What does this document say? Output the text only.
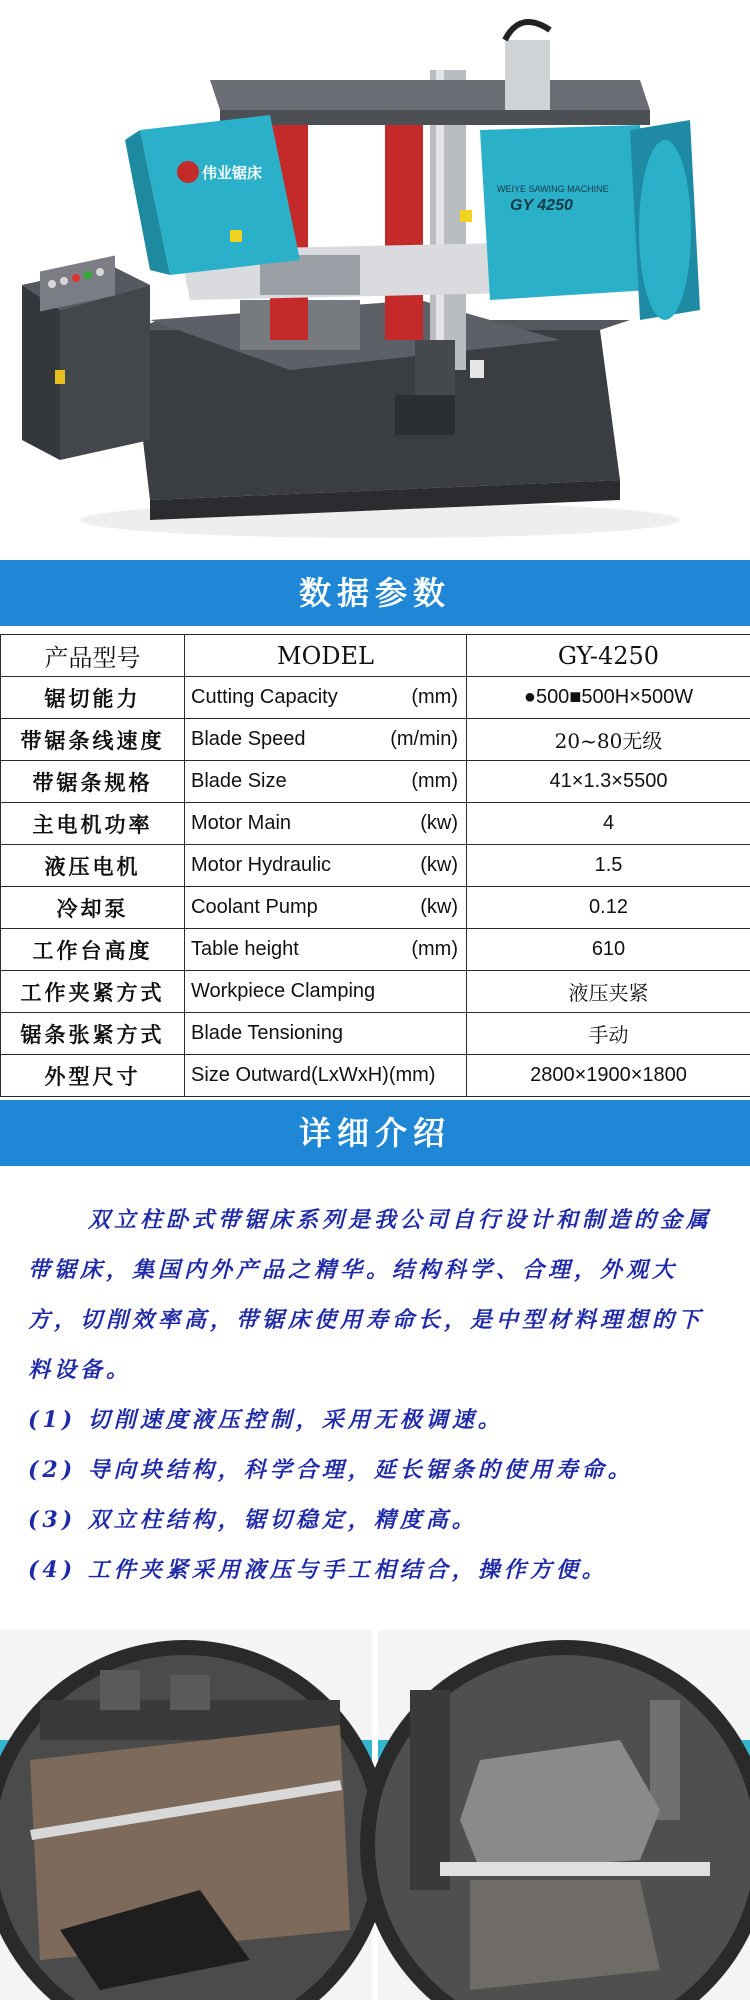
伟业锯床
WEIYE SAWING MACHINE
GY 4250
数据参数
产品型号	MODEL	GY-4250
锯切能力	Cutting Capacity (mm)	●500■500H×500W
带锯条线速度	Blade Speed (m/min)	20~80无级
带锯条规格	Blade Size (mm)	41×1.3×5500
主电机功率	Motor Main (kw)	4
液压电机	Motor Hydraulic (kw)	1.5
冷却泵	Coolant Pump (kw)	0.12
工作台高度	Table height (mm)	610
工作夹紧方式	Workpiece Clamping	液压夹紧
锯条张紧方式	Blade Tensioning	手动
外型尺寸	Size Outward(LxWxH)(mm)	2800×1900×1800
详细介绍

双立柱卧式带锯床系列是我公司自行设计和制造的金属带锯床，集国内外产品之精华。结构科学、合理，外观大方，切削效率高，带锯床使用寿命长，是中型材料理想的下料设备。

(1) 切削速度液压控制，采用无极调速。

(2) 导向块结构，科学合理，延长锯条的使用寿命。

(3) 双立柱结构，锯切稳定，精度高。

(4) 工件夹紧采用液压与手工相结合，操作方便。
